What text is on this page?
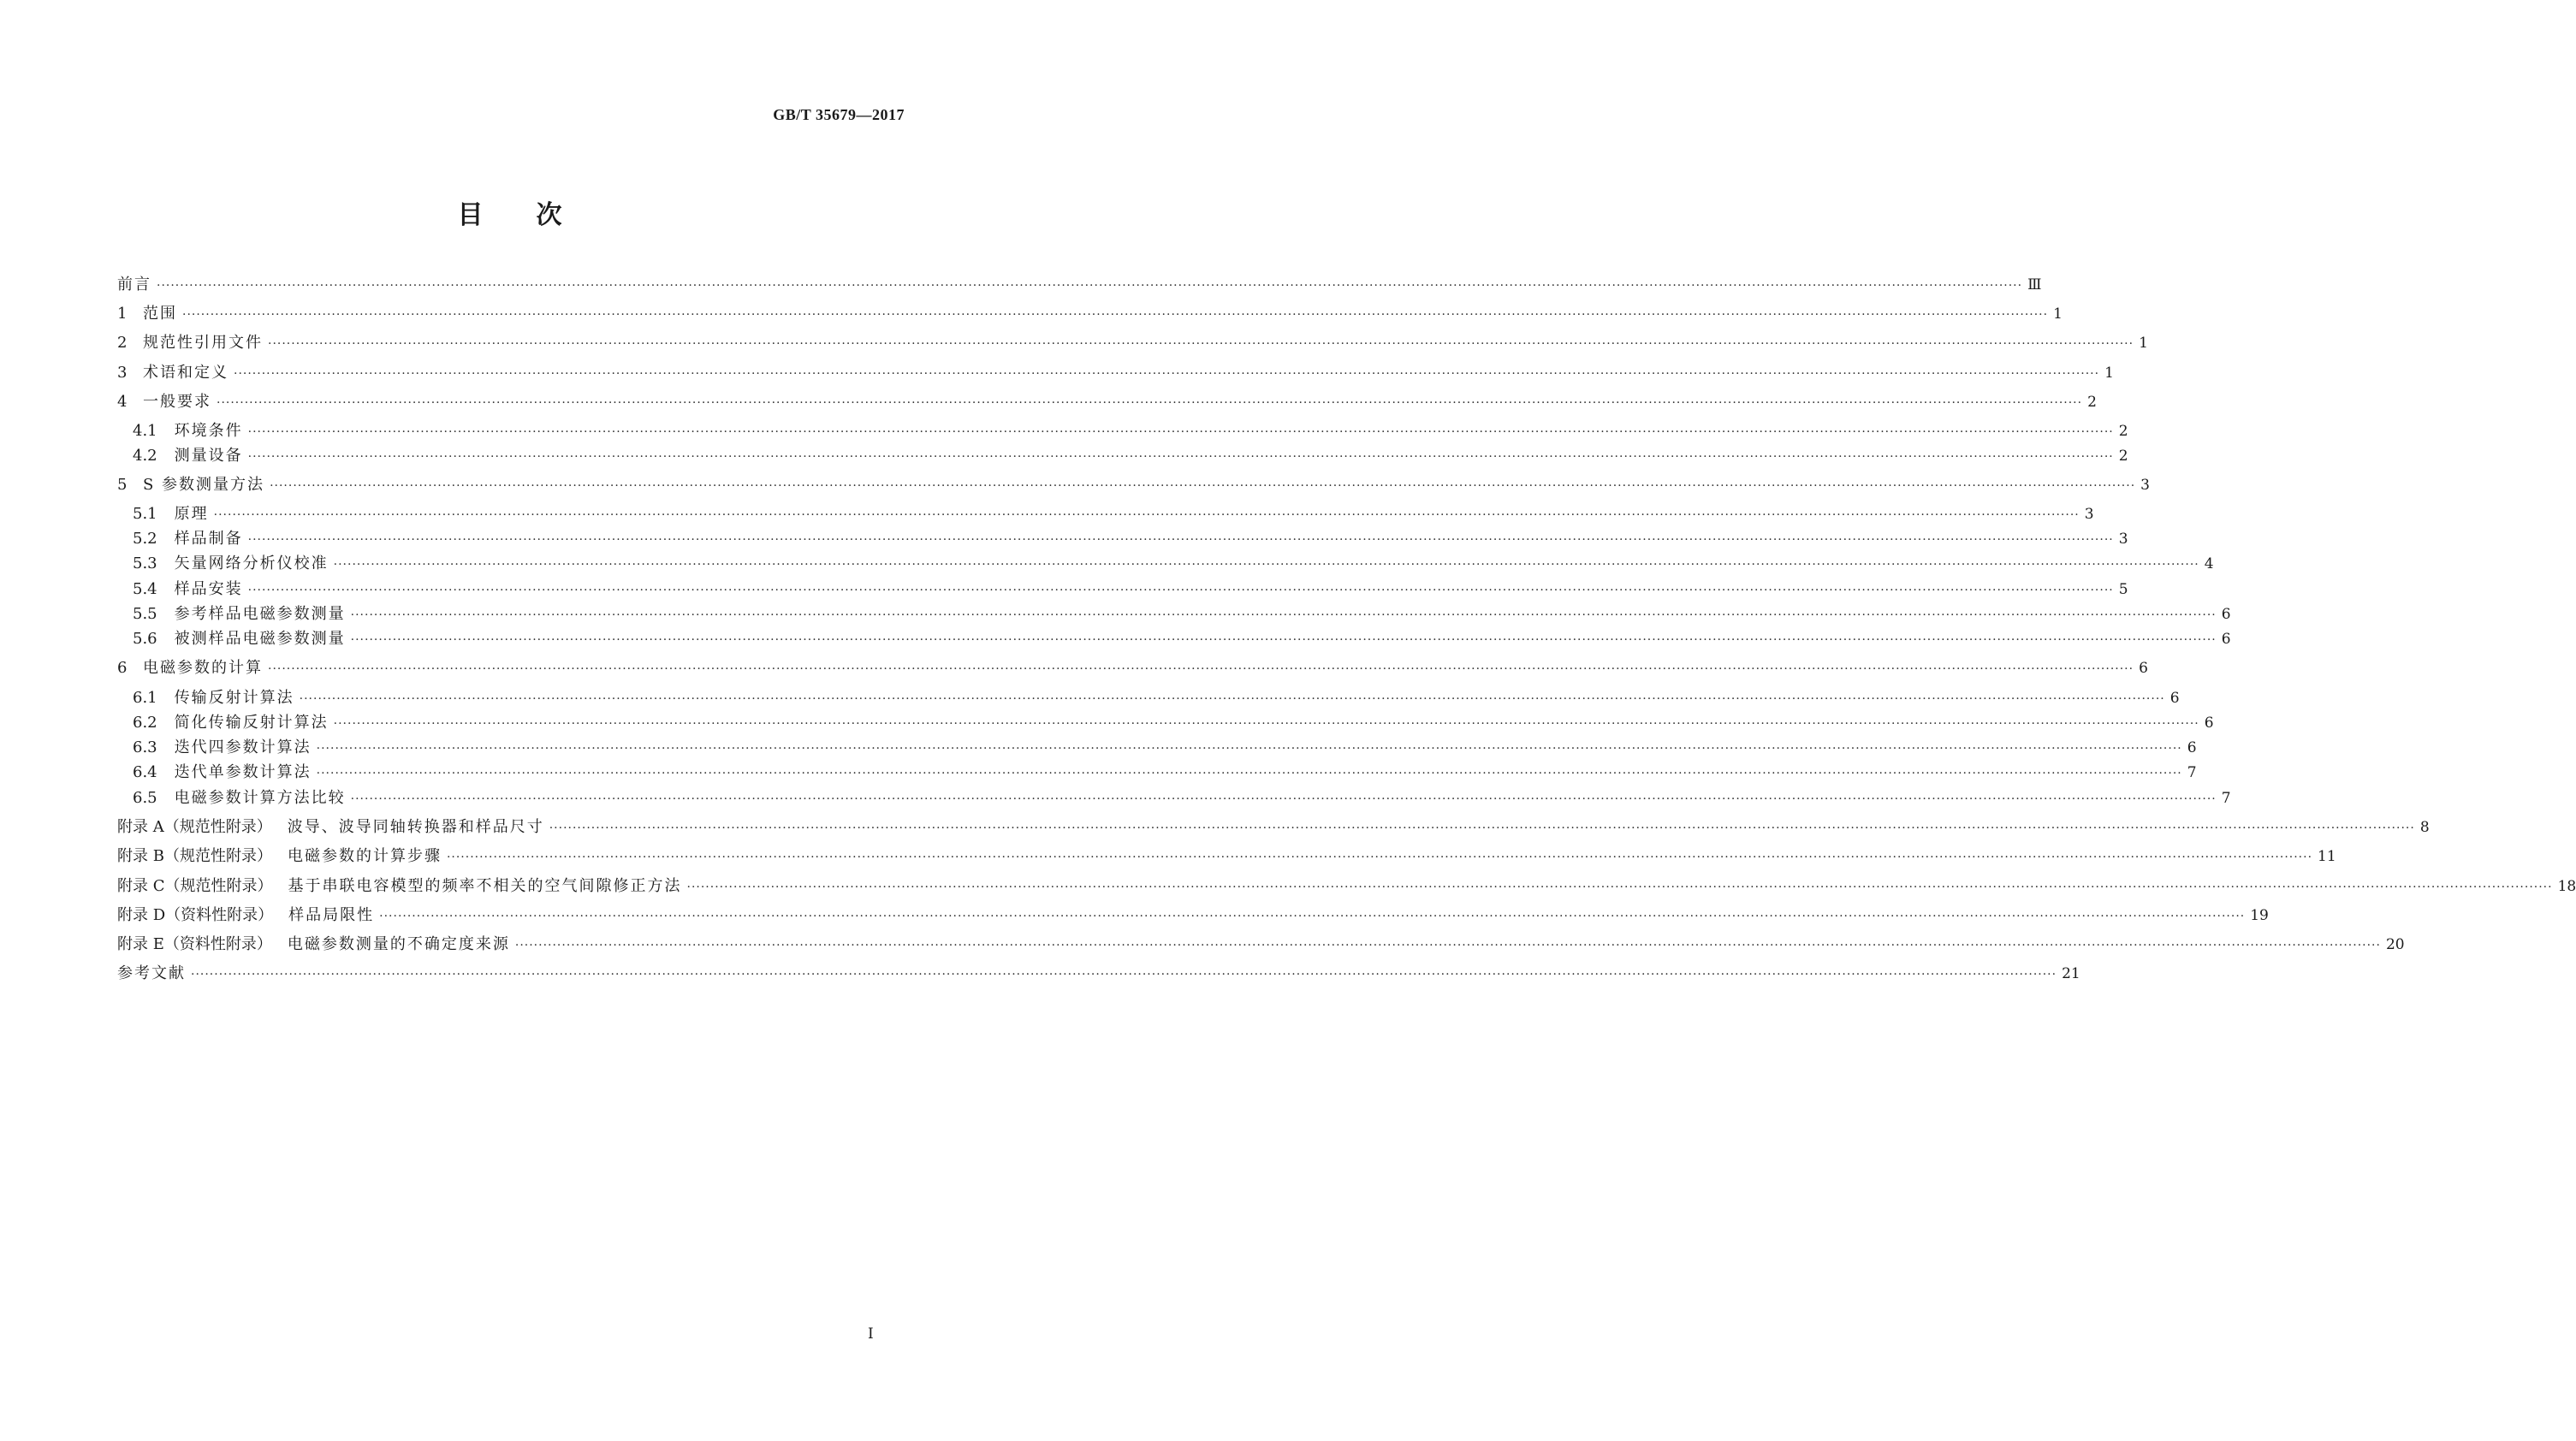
GB/T 35679—2017
目次
前言 ················································································································································································································································································································································································································ Ⅲ
1 范围 ················································································································································································································································································································································································································ 1
2 规范性引用文件 ················································································································································································································································································································································································································ 1
3 术语和定义 ················································································································································································································································································································································································································ 1
4 一般要求 ················································································································································································································································································································································································································ 2
4.1 环境条件 ················································································································································································································································································································································································································ 2
4.2 测量设备 ················································································································································································································································································································································································································ 2
5 S 参数测量方法 ················································································································································································································································································································································································································ 3
5.1 原理 ················································································································································································································································································································································································································ 3
5.2 样品制备 ················································································································································································································································································································································································································ 3
5.3 矢量网络分析仪校准 ················································································································································································································································································································································································································ 4
5.4 样品安装 ················································································································································································································································································································································································································ 5
5.5 参考样品电磁参数测量 ················································································································································································································································································································································································································ 6
5.6 被测样品电磁参数测量 ················································································································································································································································································································································································································ 6
6 电磁参数的计算 ················································································································································································································································································································································································································ 6
6.1 传输反射计算法 ················································································································································································································································································································································································································ 6
6.2 简化传输反射计算法 ················································································································································································································································································································································································································ 6
6.3 迭代四参数计算法 ················································································································································································································································································································································································································ 6
6.4 迭代单参数计算法 ················································································································································································································································································································································································································ 7
6.5 电磁参数计算方法比较 ················································································································································································································································································································································································································ 7
附录 A（规范性附录） 波导、波导同轴转换器和样品尺寸 ················································································································································································································································································································································································································ 8
附录 B（规范性附录） 电磁参数的计算步骤 ················································································································································································································································································································································································································ 11
附录 C（规范性附录） 基于串联电容模型的频率不相关的空气间隙修正方法 ················································································································································································································································································································································································································ 18
附录 D（资料性附录） 样品局限性 ················································································································································································································································································································································································································ 19
附录 E（资料性附录） 电磁参数测量的不确定度来源 ················································································································································································································································································································································································································ 20
参考文献 ················································································································································································································································································································································································································ 21
I
